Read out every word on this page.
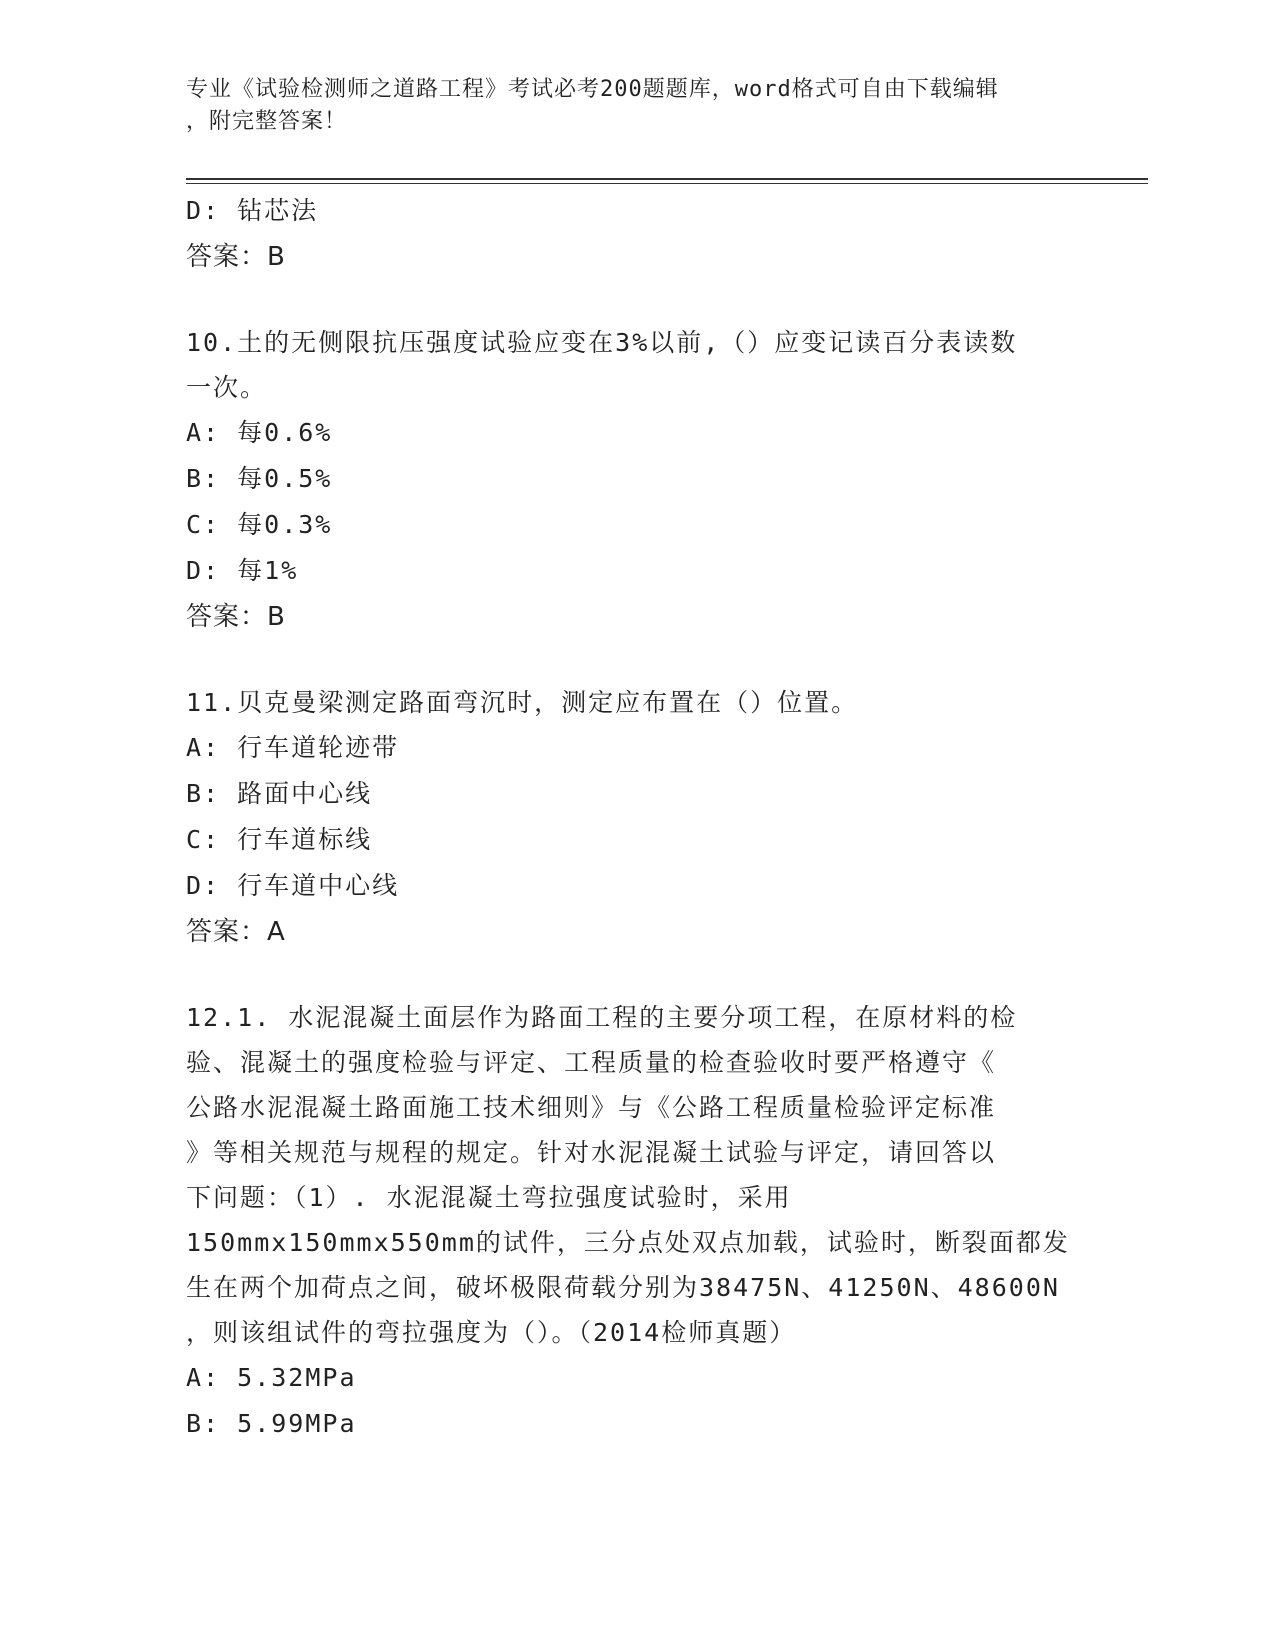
专业《试验检测师之道路工程》考试必考200题题库，word格式可自由下载编辑
，附完整答案！
D: 钻芯法
答案：B
10.土的无侧限抗压强度试验应变在3%以前,（）应变记读百分表读数
一次。
A: 每0.6%
B: 每0.5%
C: 每0.3%
D: 每1%
答案：B
11.贝克曼梁测定路面弯沉时，测定应布置在（）位置。
A: 行车道轮迹带
B: 路面中心线
C: 行车道标线
D: 行车道中心线
答案：A
12.1. 水泥混凝土面层作为路面工程的主要分项工程，在原材料的检
验、混凝土的强度检验与评定、工程质量的检查验收时要严格遵守《
公路水泥混凝土路面施工技术细则》与《公路工程质量检验评定标准
》等相关规范与规程的规定。针对水泥混凝土试验与评定，请回答以
下问题：（1）. 水泥混凝土弯拉强度试验时，采用
150mmx150mmx550mm的试件，三分点处双点加载，试验时，断裂面都发
生在两个加荷点之间，破坏极限荷载分别为38475N、41250N、48600N
，则该组试件的弯拉强度为（）。（2014检师真题）
A: 5.32MPa
B: 5.99MPa
